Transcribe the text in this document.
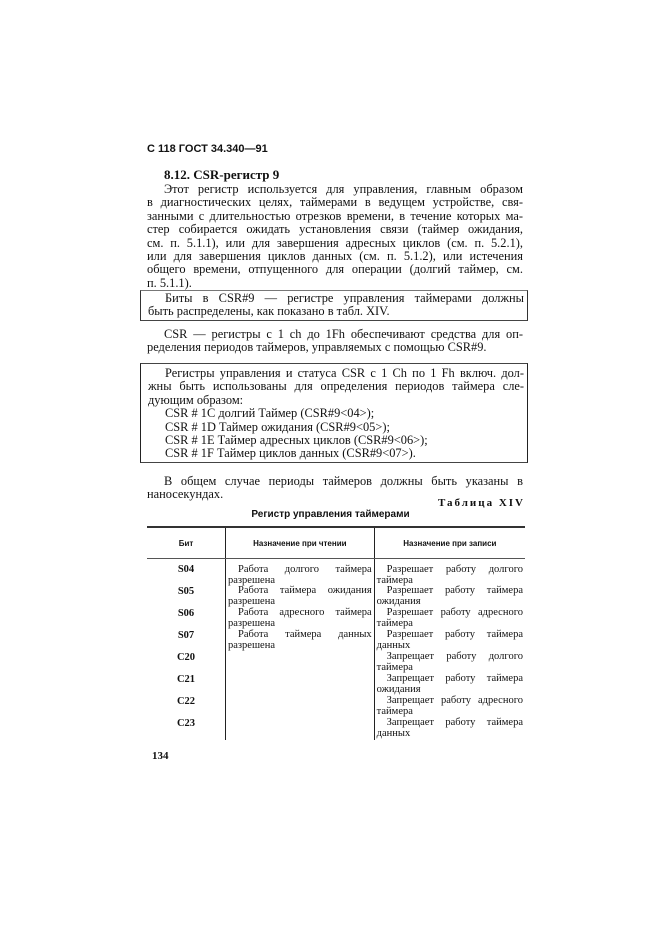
С 118 ГОСТ 34.340—91
8.12. CSR-регистр 9
Этот регистр используется для управления, главным образом
в диагностических целях, таймерами в ведущем устройстве, свя-
занными с длительностью отрезков времени, в течение которых ма-
стер собирается ожидать установления связи (таймер ожидания,
см. п. 5.1.1), или для завершения адресных циклов (см. п. 5.2.1),
или для завершения циклов данных (см. п. 5.1.2), или истечения
общего времени, отпущенного для операции (долгий таймер, см.
п. 5.1.1).
Биты в CSR#9 — регистре управления таймерами должны
быть распределены, как показано в табл. XIV.
CSR — регистры с 1 ch до 1Fh обеспечивают средства для оп-
ределения периодов таймеров, управляемых с помощью CSR#9.
Регистры управления и статуса CSR с 1 Ch по 1 Fh включ. дол-
жны быть использованы для определения периодов таймера сле-
дующим образом:
CSR # 1C долгий Таймер (CSR#9<04>);
CSR # 1D Таймер ожидания (CSR#9<05>);
CSR # 1E Таймер адресных циклов (CSR#9<06>);
CSR # 1F Таймер циклов данных (CSR#9<07>).
В общем случае периоды таймеров должны быть указаны в
наносекундах.
Таблица XIV
Регистр управления таймерами
Бит	Назначение при чтении	Назначение при записи
S04	Работа долгого таймера разрешена	Разрешает работу долгого таймера
S05	Работа таймера ожидания разрешена	Разрешает работу таймера ожидания
S06	Работа адресного таймера разрешена	Разрешает работу адресного таймера
S07	Работа таймера данных разрешена	Разрешает работу таймера данных
C20		Запрещает работу долгого таймера
C21		Запрещает работу таймера ожидания
C22		Запрещает работу адресного таймера
C23		Запрещает работу таймера данных
134
